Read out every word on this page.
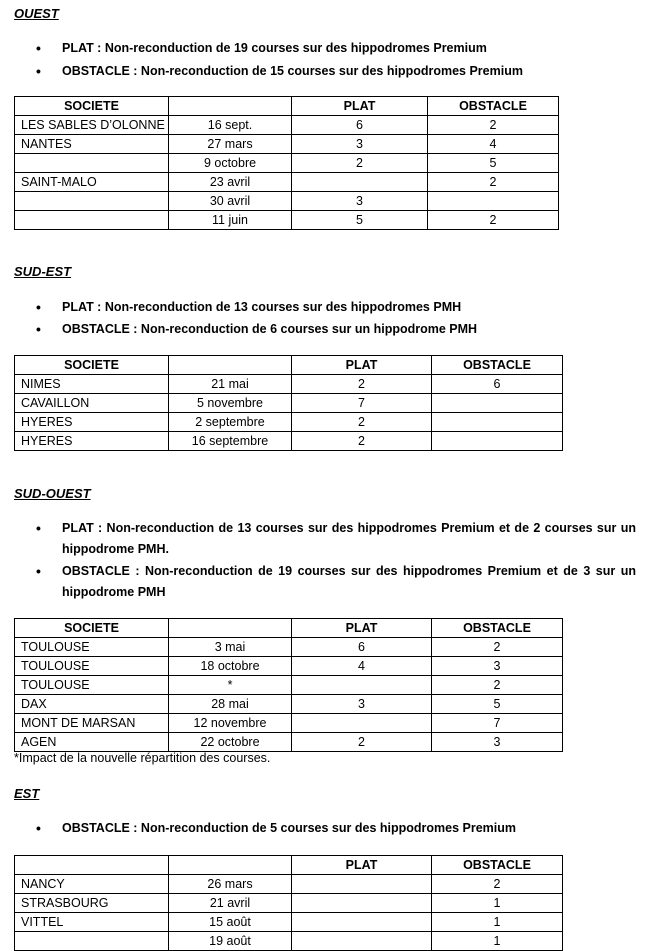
OUEST
•	PLAT : Non-reconduction de 19 courses sur des hippodromes Premium
•	OBSTACLE : Non-reconduction de 15 courses sur des hippodromes Premium
SOCIETE		PLAT	OBSTACLE
LES SABLES D’OLONNE	16 sept.	6	2
NANTES	27 mars	3	4
	9 octobre	2	5
SAINT-MALO	23 avril		2
	30 avril	3	
	11 juin	5	2
SUD-EST
•	PLAT : Non-reconduction de 13 courses sur des hippodromes PMH
•	OBSTACLE : Non-reconduction de 6 courses sur un hippodrome PMH
SOCIETE		PLAT	OBSTACLE
NIMES	21 mai	2	6
CAVAILLON	5 novembre	7	
HYERES	2 septembre	2	
HYERES	16 septembre	2	
SUD-OUEST
•	PLAT : Non-reconduction de 13 courses sur des hippodromes Premium et de 2 courses sur un hippodrome PMH.
•	OBSTACLE : Non-reconduction de 19 courses sur des hippodromes Premium et de 3 sur un hippodrome PMH
SOCIETE		PLAT	OBSTACLE
TOULOUSE	3 mai	6	2
TOULOUSE	18 octobre	4	3
TOULOUSE	*		2
DAX	28 mai	3	5
MONT DE MARSAN	12 novembre		7
AGEN	22 octobre	2	3
*Impact de la nouvelle répartition des courses.
EST
•	OBSTACLE : Non-reconduction de 5 courses sur des hippodromes Premium
		PLAT	OBSTACLE
NANCY	26 mars		2
STRASBOURG	21 avril		1
VITTEL	15 août		1
	19 août		1
